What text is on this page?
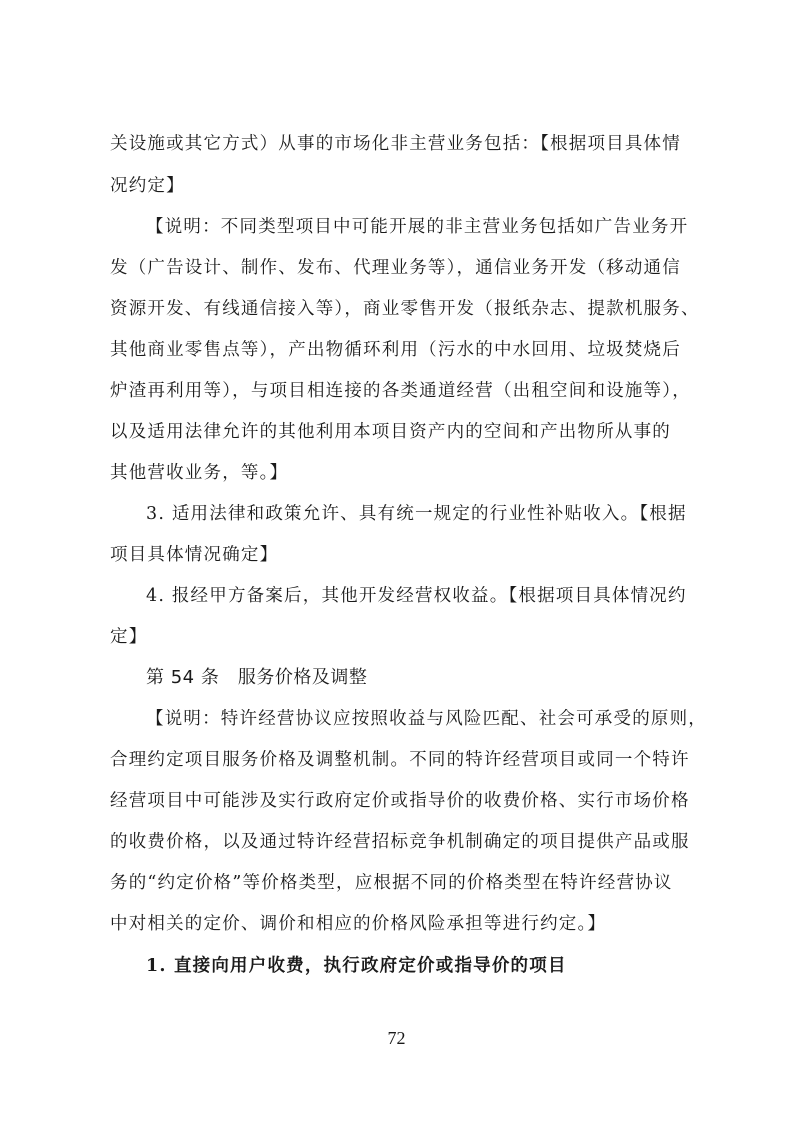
关设施或其它方式）从事的市场化非主营业务包括：【根据项目具体情
况约定】
【说明：不同类型项目中可能开展的非主营业务包括如广告业务开
发（广告设计、制作、发布、代理业务等），通信业务开发（移动通信
资源开发、有线通信接入等），商业零售开发（报纸杂志、提款机服务、
其他商业零售点等），产出物循环利用（污水的中水回用、垃圾焚烧后
炉渣再利用等），与项目相连接的各类通道经营（出租空间和设施等），
以及适用法律允许的其他利用本项目资产内的空间和产出物所从事的
其他营收业务，等。】
3. 适用法律和政策允许、具有统一规定的行业性补贴收入。【根据
项目具体情况确定】
4. 报经甲方备案后，其他开发经营权收益。【根据项目具体情况约
定】
第 54 条　服务价格及调整
【说明：特许经营协议应按照收益与风险匹配、社会可承受的原则，
合理约定项目服务价格及调整机制。不同的特许经营项目或同一个特许
经营项目中可能涉及实行政府定价或指导价的收费价格、实行市场价格
的收费价格，以及通过特许经营招标竞争机制确定的项目提供产品或服
务的“约定价格”等价格类型，应根据不同的价格类型在特许经营协议
中对相关的定价、调价和相应的价格风险承担等进行约定。】
1. 直接向用户收费，执行政府定价或指导价的项目
72
